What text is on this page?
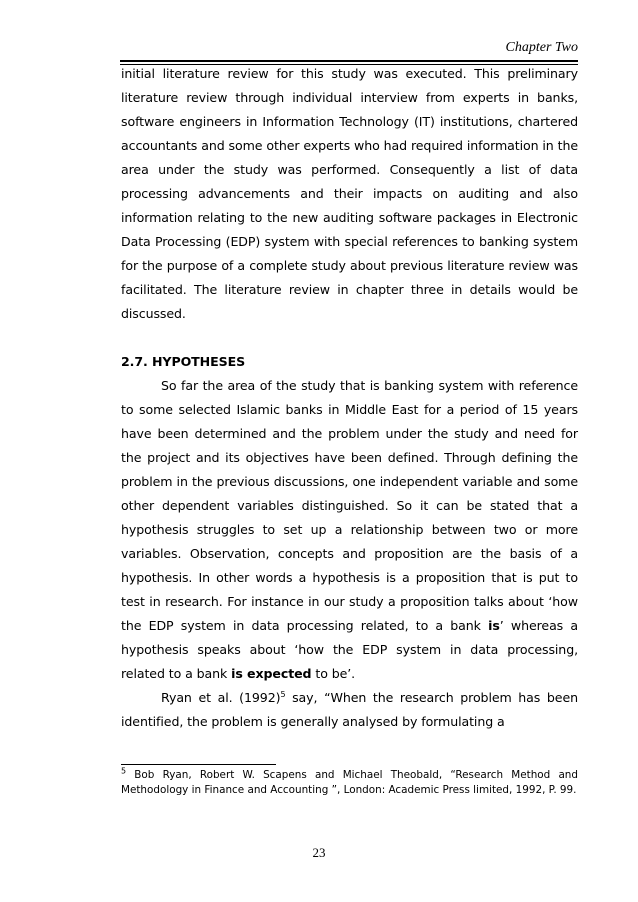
Chapter Two

initial literature review for this study was executed. This preliminary literature review through individual interview from experts in banks, software engineers in Information Technology (IT) institutions, chartered accountants and some other experts who had required information in the area under the study was performed. Consequently a list of data processing advancements and their impacts on auditing and also information relating to the new auditing software packages in Electronic Data Processing (EDP) system with special references to banking system for the purpose of a complete study about previous literature review was facilitated. The literature review in chapter three in details would be discussed.

2.7. HYPOTHESES

So far the area of the study that is banking system with reference to some selected Islamic banks in Middle East for a period of 15 years have been determined and the problem under the study and need for the project and its objectives have been defined. Through defining the problem in the previous discussions, one independent variable and some other dependent variables distinguished. So it can be stated that a hypothesis struggles to set up a relationship between two or more variables. Observation, concepts and proposition are the basis of a hypothesis. In other words a hypothesis is a proposition that is put to test in research. For instance in our study a proposition talks about ‘how the EDP system in data processing related, to a bank is’ whereas a hypothesis speaks about ‘how the EDP system in data processing, related to a bank is expected to be’.

Ryan et al. $(1992)^5$ say, “When the research problem has been identified, the problem is generally analysed by formulating a

$^5$ Bob Ryan, Robert W. Scapens and Michael Theobald, “Research Method and Methodology in Finance and Accounting ”, London: Academic Press limited, 1992, P. 99.

23
